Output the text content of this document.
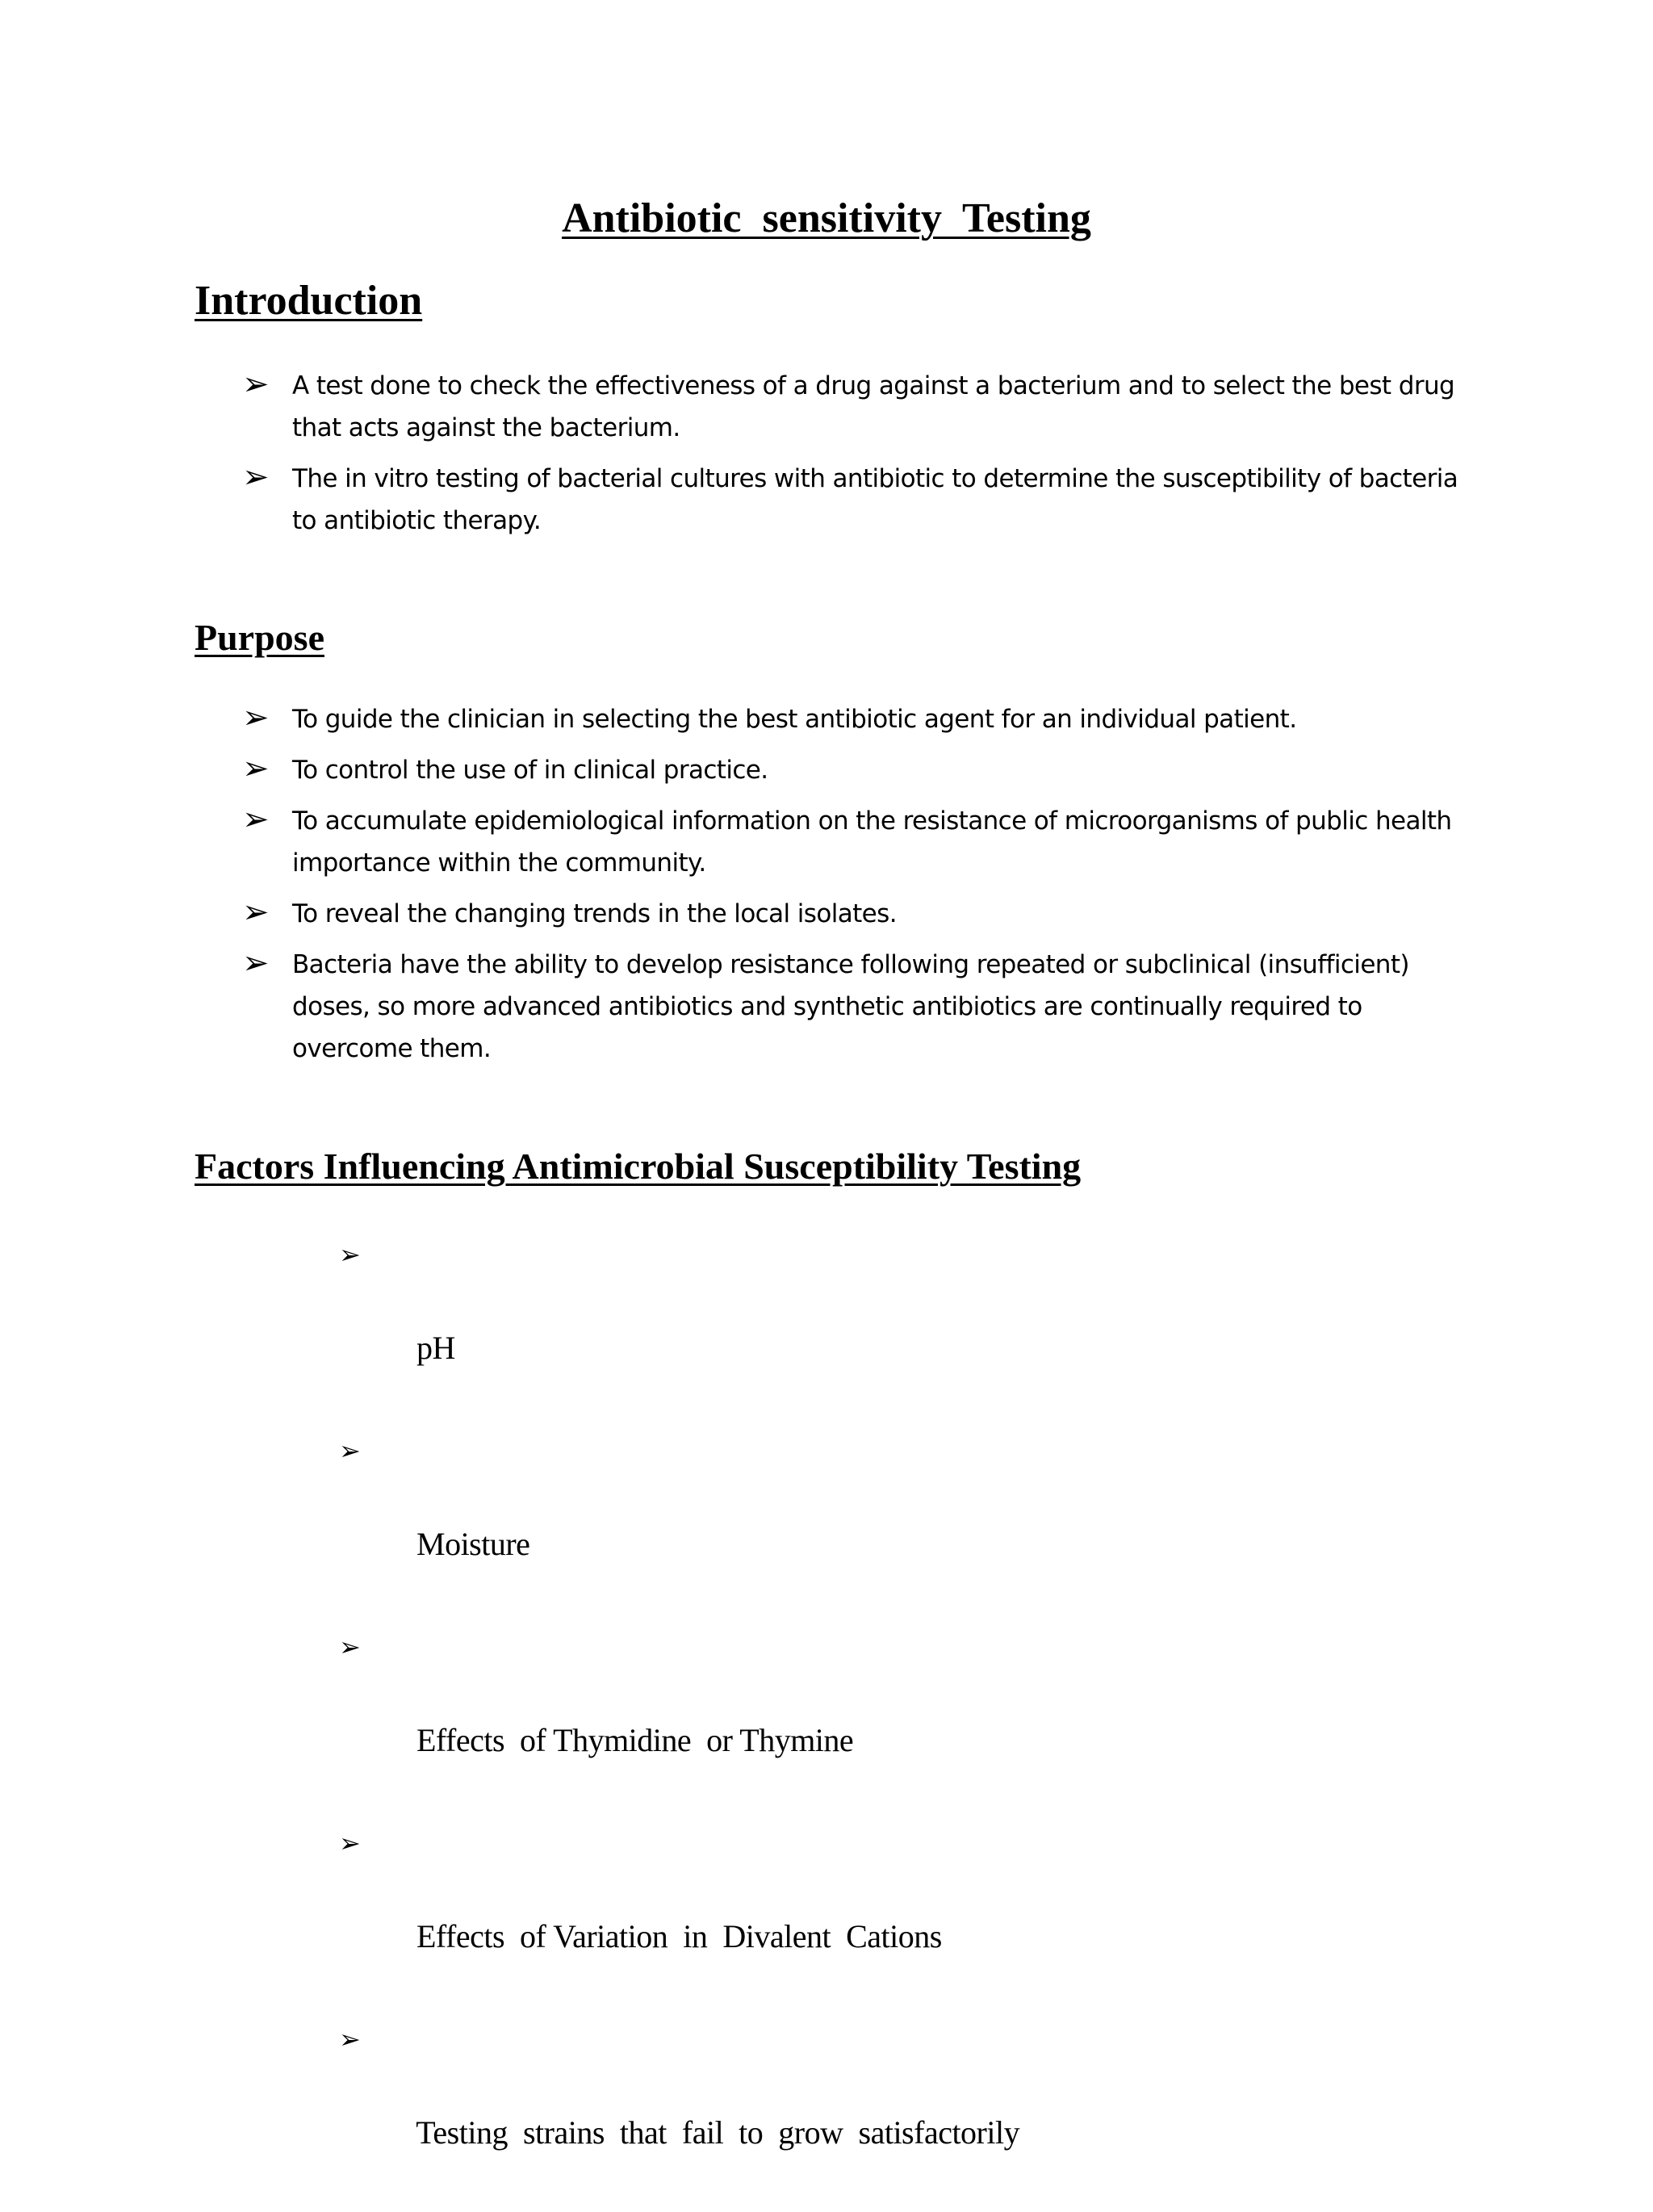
Antibiotic  sensitivity  Testing
Introduction
➢ A test done to check the effectiveness of a drug against a bacterium and to select the best drug that acts against the bacterium.
➢ The in vitro testing of bacterial cultures with antibiotic to determine the susceptibility of bacteria to antibiotic therapy.
Purpose
➢ To guide the clinician in selecting the best antibiotic agent for an individual patient.
➢ To control the use of in clinical practice.
➢ To accumulate epidemiological information on the resistance of microorganisms of public health importance within the community.
➢ To reveal the changing trends in the local isolates.
➢ Bacteria have the ability to develop resistance following repeated or subclinical (insufficient) doses, so more advanced antibiotics and synthetic antibiotics are continually required to overcome them.
Factors Influencing Antimicrobial Susceptibility Testing

➢

pH

➢

Moisture

➢

Effects  of Thymidine  or Thymine

➢

Effects  of Variation  in  Divalent  Cations

➢

Testing  strains  that  fail  to  grow  satisfactorily
